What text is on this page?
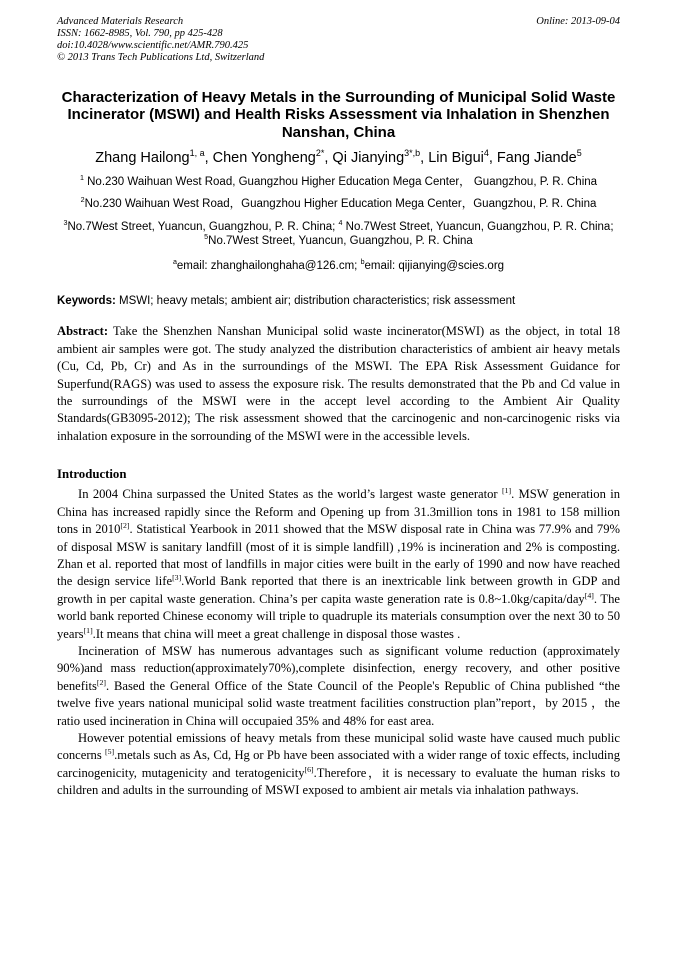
Advanced Materials Research
ISSN: 1662-8985, Vol. 790, pp 425-428
doi:10.4028/www.scientific.net/AMR.790.425
© 2013 Trans Tech Publications Ltd, Switzerland
Online: 2013-09-04
Characterization of Heavy Metals in the Surrounding of Municipal Solid Waste Incinerator (MSWI) and Health Risks Assessment via Inhalation in Shenzhen Nanshan, China
Zhang Hailong$^{1, a}$, Chen Yongheng$^{2*}$, Qi Jianying$^{3*,b}$, Lin Bigui$^4$, Fang Jiande$^5$
$^1$ No.230 Waihuan West Road, Guangzhou Higher Education Mega Center， Guangzhou, P. R. China
$^2$No.230 Waihuan West Road，Guangzhou Higher Education Mega Center，Guangzhou, P. R. China
$^3$No.7West Street, Yuancun, Guangzhou, P. R. China; $^4$ No.7West Street, Yuancun, Guangzhou, P. R. China; $^5$No.7West Street, Yuancun, Guangzhou, P. R. China
$^a$email: zhanghailonghaha@126.cm; $^b$email: qijianying@scies.org

Keywords: MSWI; heavy metals; ambient air; distribution characteristics; risk assessment

Abstract: Take the Shenzhen Nanshan Municipal solid waste incinerator(MSWI) as the object, in total 18 ambient air samples were got. The study analyzed the distribution characteristics of ambient air heavy metals (Cu, Cd, Pb, Cr) and As in the surroundings of the MSWI. The EPA Risk Assessment Guidance for Superfund(RAGS) was used to assess the exposure risk. The results demonstrated that the Pb and Cd value in the surroundings of the MSWI were in the accept level according to the Ambient Air Quality Standards(GB3095-2012); The risk assessment showed that the carcinogenic and non-carcinogenic risks via inhalation exposure in the sorrounding of the MSWI were in the accessible levels.

Introduction

In 2004 China surpassed the United States as the world’s largest waste generator [1]. MSW generation in China has increased rapidly since the Reform and Opening up from 31.3million tons in 1981 to 158 million tons in 2010[2]. Statistical Yearbook in 2011 showed that the MSW disposal rate in China was 77.9% and 79% of disposal MSW is sanitary landfill (most of it is simple landfill) ,19% is incineration and 2% is composting. Zhan et al. reported that most of landfills in major cities were built in the early of 1990 and now have reached the design service life[3].World Bank reported that there is an inextricable link between growth in GDP and growth in per capital waste generation. China’s per capita waste generation rate is 0.8~1.0kg/capita/day[4]. The world bank reported Chinese economy will triple to quadruple its materials consumption over the next 30 to 50 years[1].It means that china will meet a great challenge in disposal those wastes .

Incineration of MSW has numerous advantages such as significant volume reduction (approximately 90%)and mass reduction(approximately70%),complete disinfection, energy recovery, and other positive benefits[2]. Based the General Office of the State Council of the People's Republic of China published “the twelve five years national municipal solid waste treatment facilities construction plan”report，by 2015 ，the ratio used incineration in China will occupaied 35% and 48% for east area.

However potential emissions of heavy metals from these municipal solid waste have caused much public concerns [5].metals such as As, Cd, Hg or Pb have been associated with a wider range of toxic effects, including carcinogenicity, mutagenicity and teratogenicity[6].Therefore，it is necessary to evaluate the human risks to children and adults in the surrounding of MSWI exposed to ambient air metals via inhalation pathways.
